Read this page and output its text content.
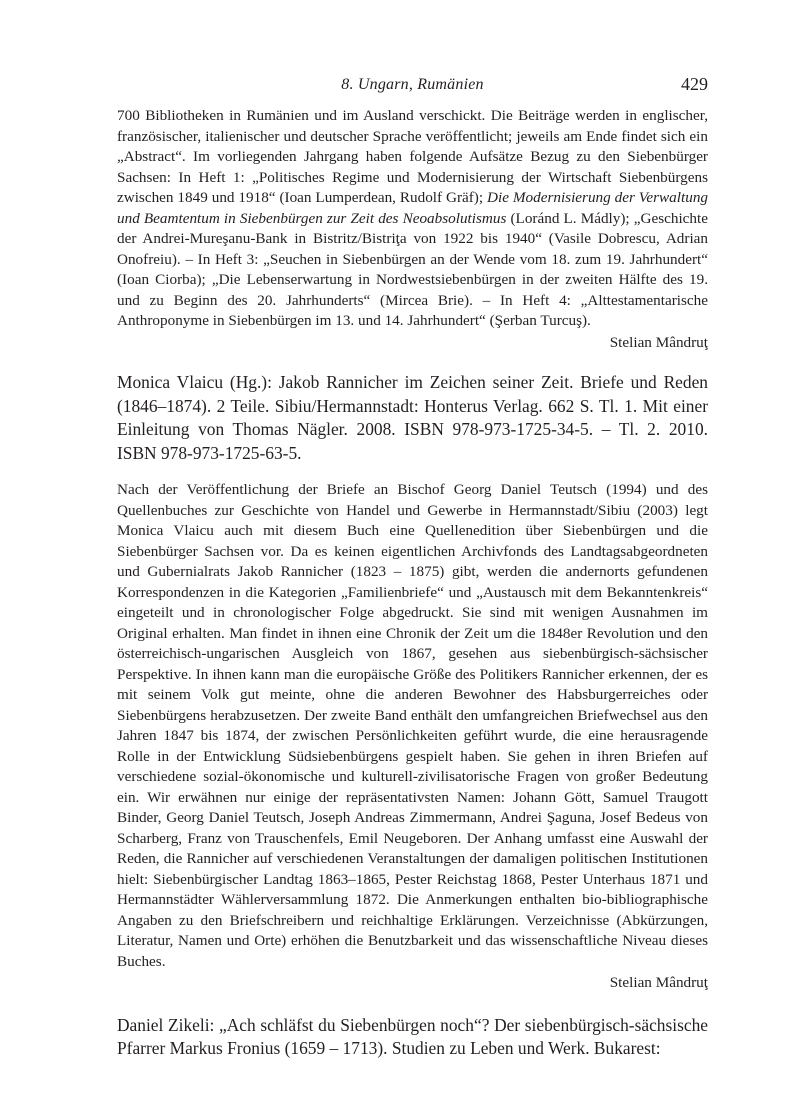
8. Ungarn, Rumänien	429

700 Bibliotheken in Rumänien und im Ausland verschickt. Die Beiträge werden in englischer, französischer, italienischer und deutscher Sprache veröffentlicht; jeweils am Ende findet sich ein „Abstract“. Im vorliegenden Jahrgang haben folgende Aufsätze Bezug zu den Siebenbürger Sachsen: In Heft 1: „Politisches Regime und Modernisierung der Wirtschaft Siebenbürgens zwischen 1849 und 1918“ (Ioan Lumperdean, Rudolf Gräf); Die Modernisierung der Verwaltung und Beamtentum in Siebenbürgen zur Zeit des Neoabsolutismus (Loránd L. Mádly); „Geschichte der Andrei-Mureşanu-Bank in Bistritz/Bistriţa von 1922 bis 1940“ (Vasile Dobrescu, Adrian Onofreiu). – In Heft 3: „Seuchen in Siebenbürgen an der Wende vom 18. zum 19. Jahrhundert“ (Ioan Ciorba); „Die Lebenserwartung in Nordwestsiebenbürgen in der zweiten Hälfte des 19. und zu Beginn des 20. Jahrhunderts“ (Mircea Brie). – In Heft 4: „Alttestamentarische Anthroponyme in Siebenbürgen im 13. und 14. Jahrhundert“ (Şerban Turcuş).

Stelian Mândruţ

Monica Vlaicu (Hg.): Jakob Rannicher im Zeichen seiner Zeit. Briefe und Reden (1846–1874). 2 Teile. Sibiu/Hermannstadt: Honterus Verlag. 662 S. Tl. 1. Mit einer Einleitung von Thomas Nägler. 2008. ISBN 978-973-1725-34-5. – Tl. 2. 2010. ISBN 978-973-1725-63-5.

Nach der Veröffentlichung der Briefe an Bischof Georg Daniel Teutsch (1994) und des Quellenbuches zur Geschichte von Handel und Gewerbe in Hermannstadt/Sibiu (2003) legt Monica Vlaicu auch mit diesem Buch eine Quellenedition über Siebenbürgen und die Siebenbürger Sachsen vor. Da es keinen eigentlichen Archivfonds des Landtagsabgeordneten und Gubernialrats Jakob Rannicher (1823 – 1875) gibt, werden die andernorts gefundenen Korrespondenzen in die Kategorien „Familienbriefe“ und „Austausch mit dem Bekanntenkreis“ eingeteilt und in chronologischer Folge abgedruckt. Sie sind mit wenigen Ausnahmen im Original erhalten. Man findet in ihnen eine Chronik der Zeit um die 1848er Revolution und den österreichisch-ungarischen Ausgleich von 1867, gesehen aus siebenbürgisch-sächsischer Perspektive. In ihnen kann man die europäische Größe des Politikers Rannicher erkennen, der es mit seinem Volk gut meinte, ohne die anderen Bewohner des Habsburgerreiches oder Siebenbürgens herabzusetzen. Der zweite Band enthält den umfangreichen Briefwechsel aus den Jahren 1847 bis 1874, der zwischen Persönlichkeiten geführt wurde, die eine herausragende Rolle in der Entwicklung Südsiebenbürgens gespielt haben. Sie gehen in ihren Briefen auf verschiedene sozial-ökonomische und kulturell-zivilisatorische Fragen von großer Bedeutung ein. Wir erwähnen nur einige der repräsentativsten Namen: Johann Gött, Samuel Traugott Binder, Georg Daniel Teutsch, Joseph Andreas Zimmermann, Andrei Şaguna, Josef Bedeus von Scharberg, Franz von Trauschenfels, Emil Neugeboren. Der Anhang umfasst eine Auswahl der Reden, die Rannicher auf verschiedenen Veranstaltungen der damaligen politischen Institutionen hielt: Siebenbürgischer Landtag 1863–1865, Pester Reichstag 1868, Pester Unterhaus 1871 und Hermannstädter Wählerversammlung 1872. Die Anmerkungen enthalten bio-bibliographische Angaben zu den Briefschreibern und reichhaltige Erklärungen. Verzeichnisse (Abkürzungen, Literatur, Namen und Orte) erhöhen die Benutzbarkeit und das wissenschaftliche Niveau dieses Buches.

Stelian Mândruţ

Daniel Zikeli: „Ach schläfst du Siebenbürgen noch“? Der siebenbürgisch-sächsische Pfarrer Markus Fronius (1659 – 1713). Studien zu Leben und Werk. Bukarest:
